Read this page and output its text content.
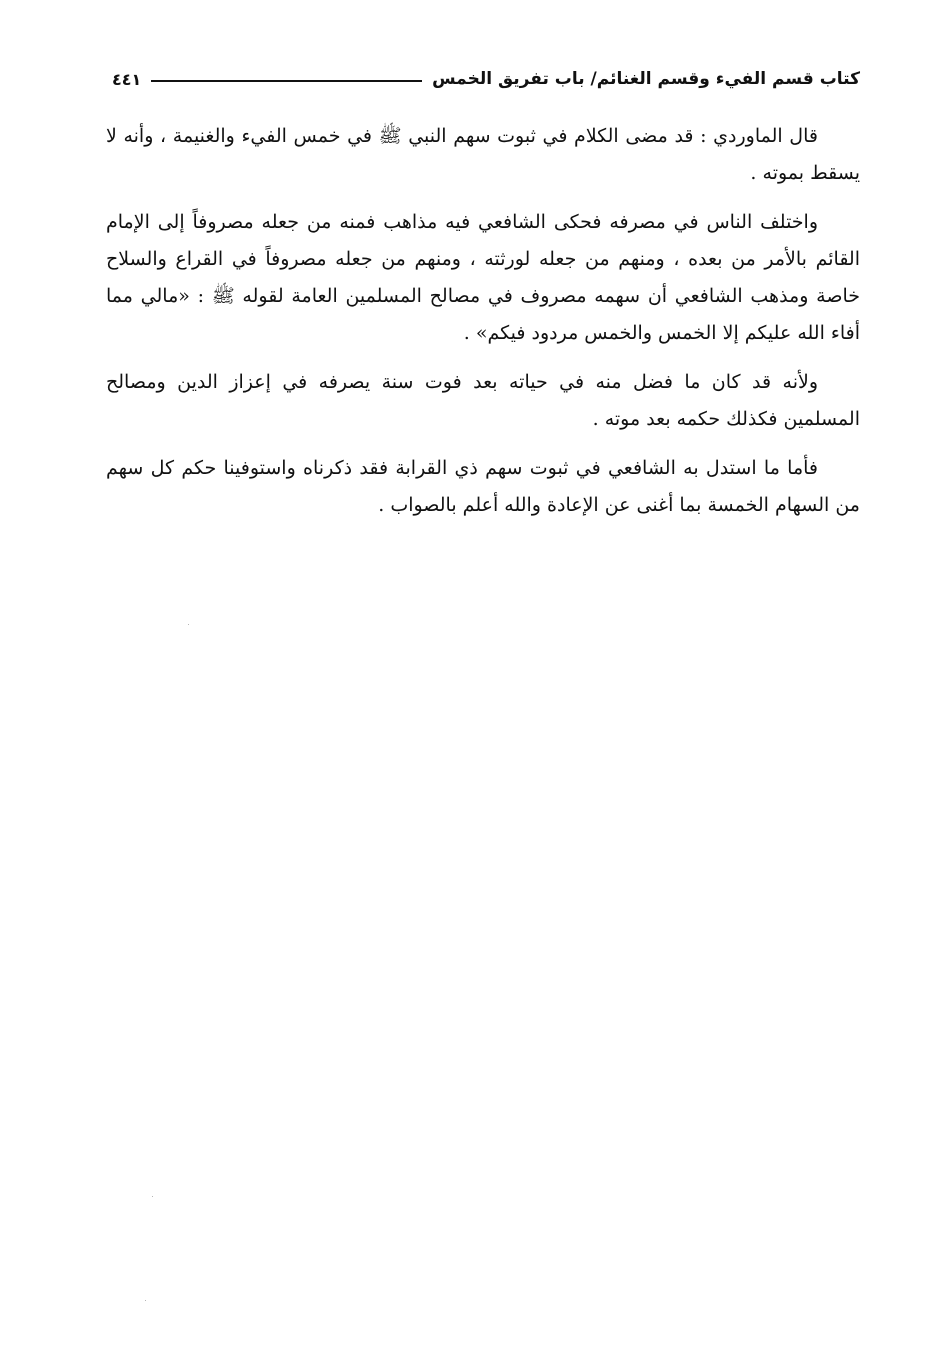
كتاب قسم الفيء وقسم الغنائم/ باب تفريق الخمس
٤٤١

قال الماوردي : قد مضى الكلام في ثبوت سهم النبي ﷺ في خمس الفيء والغنيمة ، وأنه لا يسقط بموته .

واختلف الناس في مصرفه فحكى الشافعي فيه مذاهب فمنه من جعله مصروفاً إلى الإمام القائم بالأمر من بعده ، ومنهم من جعله لورثته ، ومنهم من جعله مصروفاً في القراع والسلاح خاصة ومذهب الشافعي أن سهمه مصروف في مصالح المسلمين العامة لقوله ﷺ : «مالي مما أفاء الله عليكم إلا الخمس والخمس مردود فيكم» .

ولأنه قد كان ما فضل منه في حياته بعد فوت سنة يصرفه في إعزاز الدين ومصالح المسلمين فكذلك حكمه بعد موته .

فأما ما استدل به الشافعي في ثبوت سهم ذي القرابة فقد ذكرناه واستوفينا حكم كل سهم من السهام الخمسة بما أغنى عن الإعادة والله أعلم بالصواب .
